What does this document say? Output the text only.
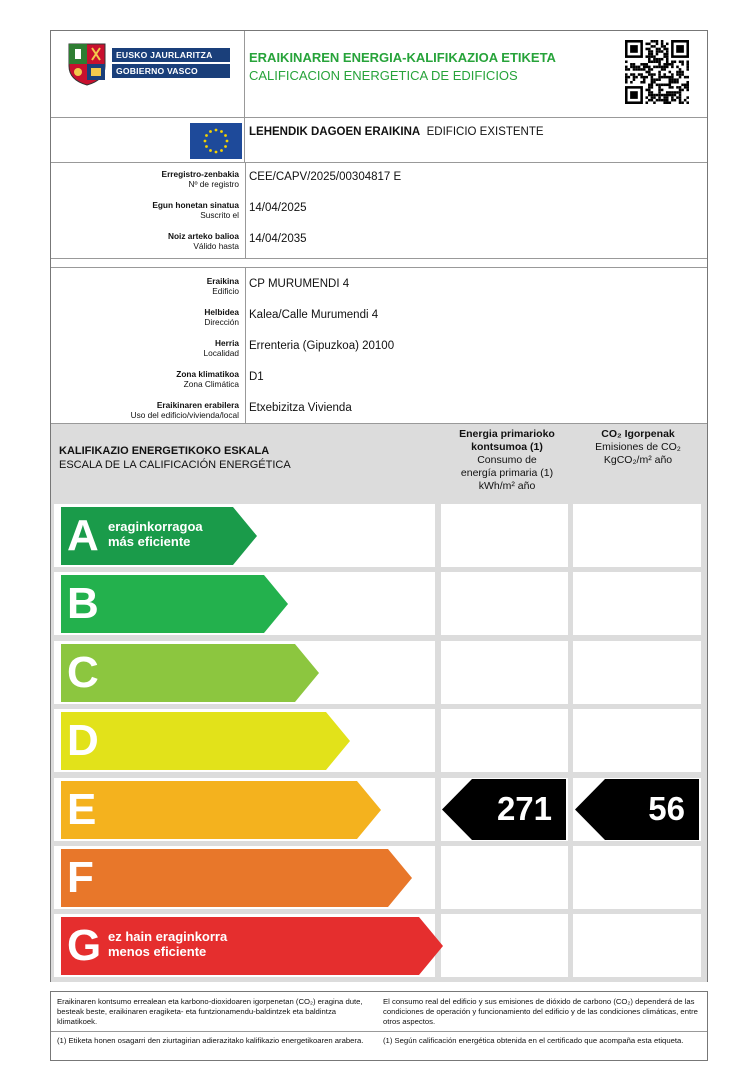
EUSKO JAURLARITZA
GOBIERNO VASCO
ERAIKINAREN ENERGIA-KALIFIKAZIOA ETIKETA
CALIFICACION ENERGETICA DE EDIFICIOS
LEHENDIK DAGOEN ERAIKINA EDIFICIO EXISTENTE
Erregistro-zenbakia
Nº de registro
CEE/CAPV/2025/00304817 E
Egun honetan sinatua
Suscrito el
14/04/2025
Noiz arteko balioa
Válido hasta
14/04/2035
Eraikina
Edificio
CP MURUMENDI 4
Helbidea
Dirección
Kalea/Calle Murumendi 4
Herria
Localidad
Errenteria (Gipuzkoa) 20100
Zona klimatikoa
Zona Climática
D1
Eraikinaren erabilera
Uso del edificio/vivienda/local
Etxebizitza Vivienda
KALIFIKAZIO ENERGETIKOKO ESKALA
ESCALA DE LA CALIFICACIÓN ENERGÉTICA
Energia primarioko
kontsumoa (1)
Consumo de
energía primaria (1)
kWh/m² año
CO₂ Igorpenak
Emisiones de CO₂
KgCO₂/m² año
A eraginkorragoa
más eficiente
B
C
D
E
F
G ez hain eraginkorra
menos eficiente
271	56
Eraikinaren kontsumo errealean eta karbono-dioxidoaren igorpenetan (CO₂) eragina dute, besteak beste, eraikinaren eragiketa- eta funtzionamendu-baldintzek eta baldintza klimatikoek.
El consumo real del edificio y sus emisiones de dióxido de carbono (CO₂) dependerá de las condiciones de operación y funcionamiento del edificio y de las condiciones climáticas, entre otros aspectos.
(1) Etiketa honen osagarri den ziurtagirian adierazitako kalifikazio energetikoaren arabera.	(1) Según calificación energética obtenida en el certificado que acompaña esta etiqueta.
